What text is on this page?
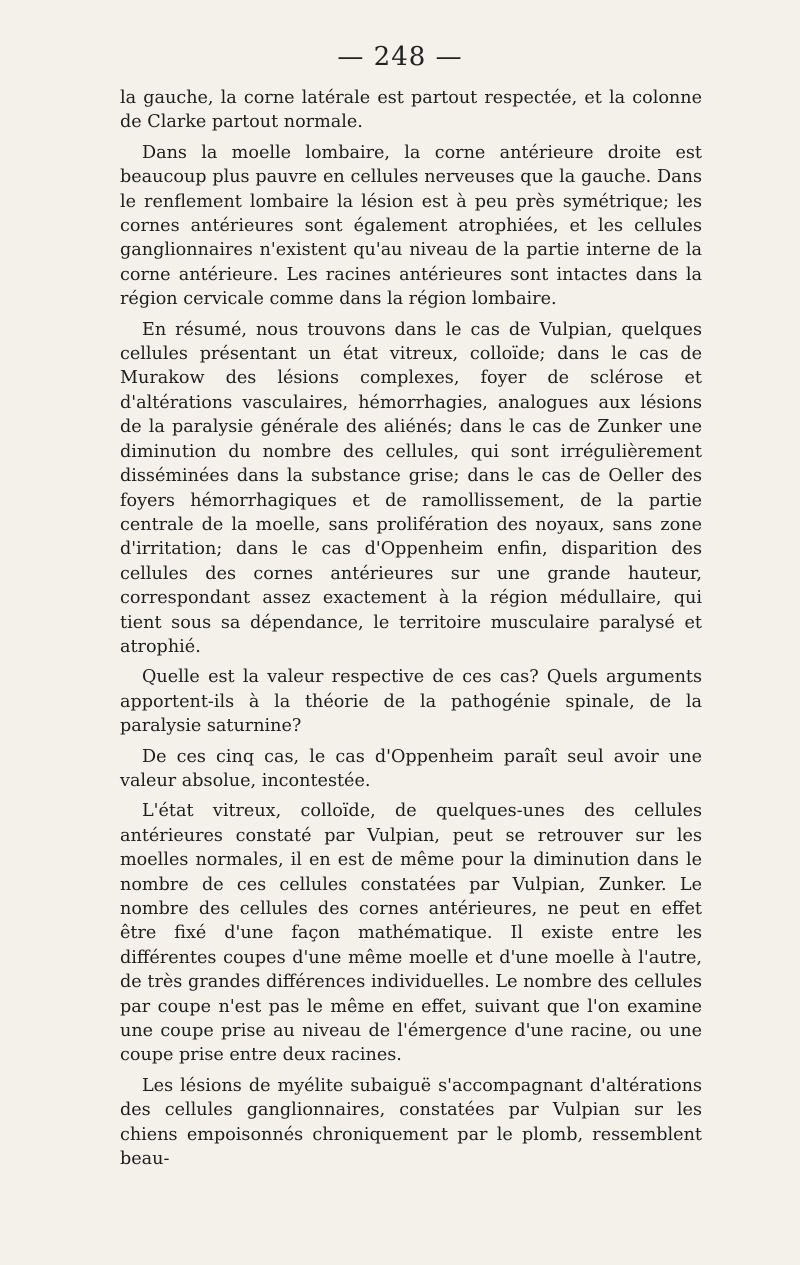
— 248 —

la gauche, la corne latérale est partout respectée, et la colonne de Clarke partout normale.

Dans la moelle lombaire, la corne antérieure droite est beaucoup plus pauvre en cellules nerveuses que la gauche. Dans le renflement lombaire la lésion est à peu près symétrique; les cornes antérieures sont également atrophiées, et les cellules ganglionnaires n'existent qu'au niveau de la partie interne de la corne antérieure. Les racines antérieures sont intactes dans la région cervicale comme dans la région lombaire.

En résumé, nous trouvons dans le cas de Vulpian, quelques cellules présentant un état vitreux, colloïde; dans le cas de Murakow des lésions complexes, foyer de sclérose et d'altérations vasculaires, hémorrhagies, analogues aux lésions de la paralysie générale des aliénés; dans le cas de Zunker une diminution du nombre des cellules, qui sont irrégulièrement disséminées dans la substance grise; dans le cas de Oeller des foyers hémorrhagiques et de ramollissement, de la partie centrale de la moelle, sans prolifération des noyaux, sans zone d'irritation; dans le cas d'Oppenheim enfin, disparition des cellules des cornes antérieures sur une grande hauteur, correspondant assez exactement à la région médullaire, qui tient sous sa dépendance, le territoire musculaire paralysé et atrophié.

Quelle est la valeur respective de ces cas? Quels arguments apportent-ils à la théorie de la pathogénie spinale, de la paralysie saturnine?

De ces cinq cas, le cas d'Oppenheim paraît seul avoir une valeur absolue, incontestée.

L'état vitreux, colloïde, de quelques-unes des cellules antérieures constaté par Vulpian, peut se retrouver sur les moelles normales, il en est de même pour la diminution dans le nombre de ces cellules constatées par Vulpian, Zunker. Le nombre des cellules des cornes antérieures, ne peut en effet être fixé d'une façon mathématique. Il existe entre les différentes coupes d'une même moelle et d'une moelle à l'autre, de très grandes différences individuelles. Le nombre des cellules par coupe n'est pas le même en effet, suivant que l'on examine une coupe prise au niveau de l'émergence d'une racine, ou une coupe prise entre deux racines.

Les lésions de myélite subaiguë s'accompagnant d'altérations des cellules ganglionnaires, constatées par Vulpian sur les chiens empoisonnés chroniquement par le plomb, ressemblent beau-
